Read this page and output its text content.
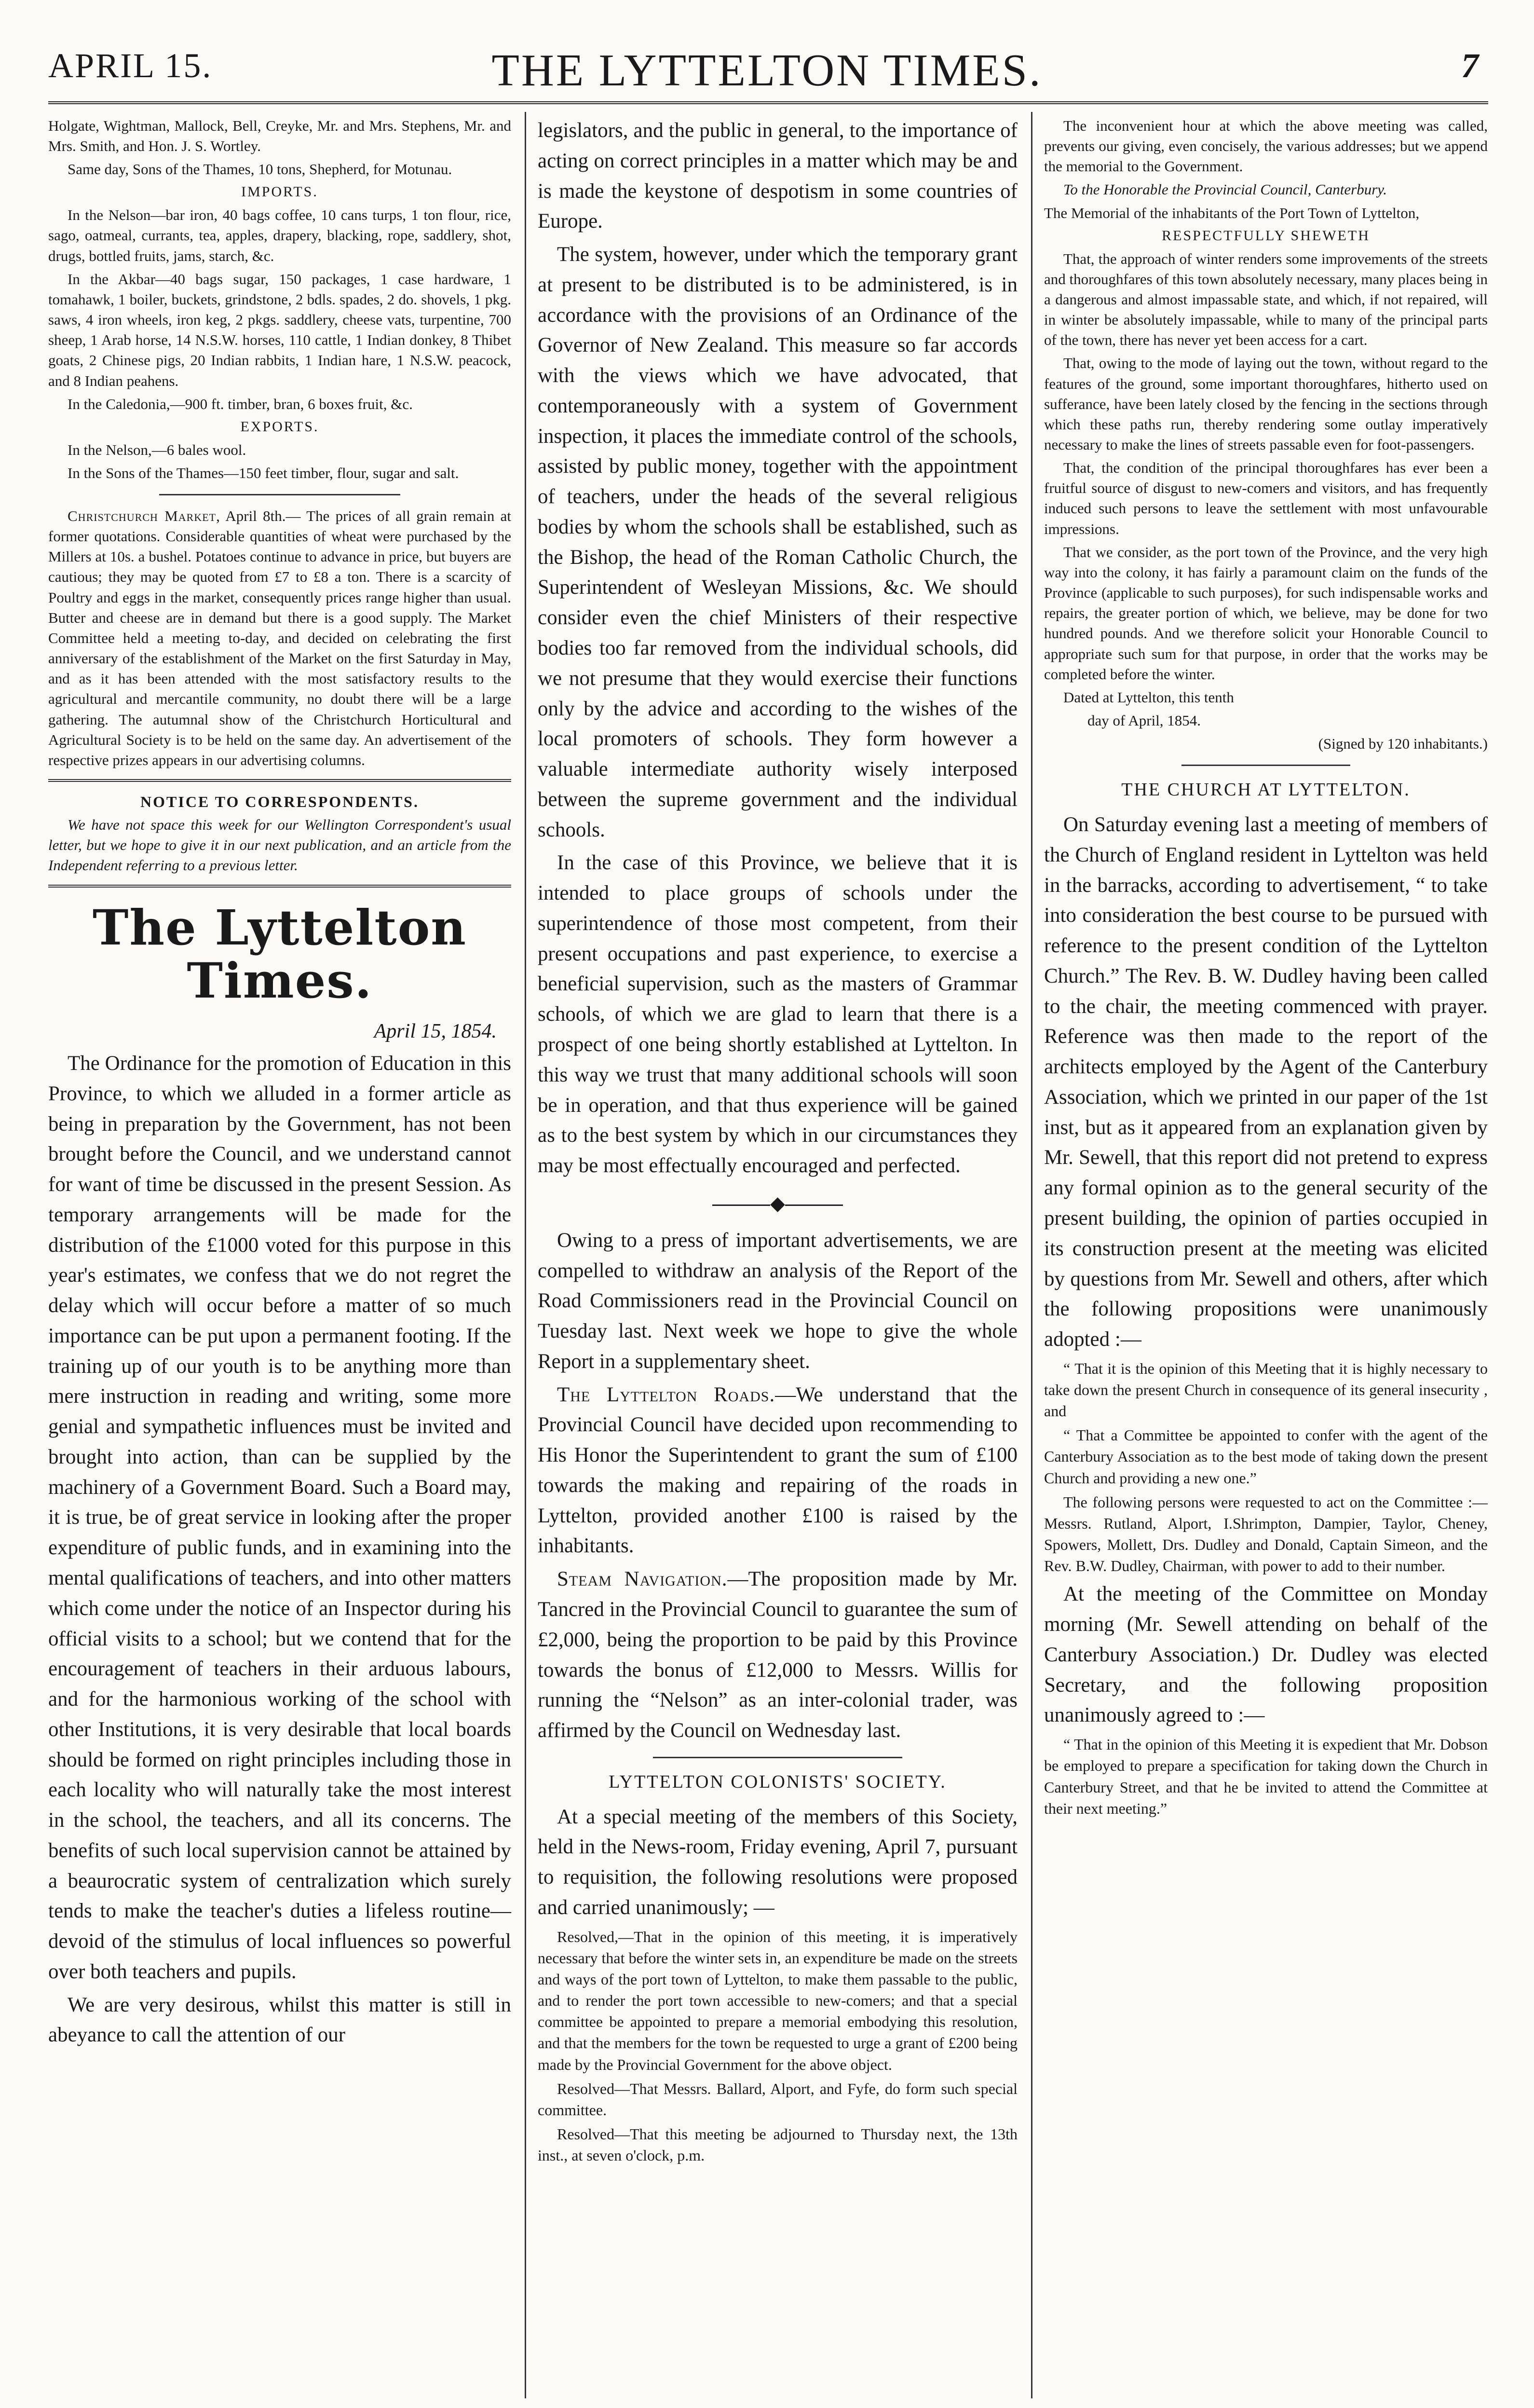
APRIL 15.	THE LYTTELTON TIMES.	7

Holgate, Wightman, Mallock, Bell, Creyke, Mr. and Mrs. Stephens, Mr. and Mrs. Smith, and Hon. J. S. Wortley.

Same day, Sons of the Thames, 10 tons, Shepherd, for Motunau.

IMPORTS.

In the Nelson—bar iron, 40 bags coffee, 10 cans turps, 1 ton flour, rice, sago, oatmeal, currants, tea, apples, drapery, blacking, rope, saddlery, shot, drugs, bottled fruits, jams, starch, &c.

In the Akbar—40 bags sugar, 150 packages, 1 case hardware, 1 tomahawk, 1 boiler, buckets, grindstone, 2 bdls. spades, 2 do. shovels, 1 pkg. saws, 4 iron wheels, iron keg, 2 pkgs. saddlery, cheese vats, turpentine, 700 sheep, 1 Arab horse, 14 N.S.W. horses, 110 cattle, 1 Indian donkey, 8 Thibet goats, 2 Chinese pigs, 20 Indian rabbits, 1 Indian hare, 1 N.S.W. peacock, and 8 Indian peahens.

In the Caledonia,—900 ft. timber, bran, 6 boxes fruit, &c.

EXPORTS.

In the Nelson,—6 bales wool.

In the Sons of the Thames—150 feet timber, flour, sugar and salt.

Christchurch Market, April 8th.— The prices of all grain remain at former quotations. Considerable quantities of wheat were purchased by the Millers at 10s. a bushel. Potatoes continue to advance in price, but buyers are cautious; they may be quoted from £7 to £8 a ton. There is a scarcity of Poultry and eggs in the market, consequently prices range higher than usual. Butter and cheese are in demand but there is a good supply. The Market Committee held a meeting to-day, and decided on celebrating the first anniversary of the establishment of the Market on the first Saturday in May, and as it has been attended with the most satisfactory results to the agricultural and mercantile community, no doubt there will be a large gathering. The autumnal show of the Christchurch Horticultural and Agricultural Society is to be held on the same day. An advertisement of the respective prizes appears in our advertising columns.

NOTICE TO CORRESPONDENTS.

We have not space this week for our Wellington Correspondent's usual letter, but we hope to give it in our next publication, and an article from the Independent referring to a previous letter.

The Lyttelton Times.
April 15, 1854.

The Ordinance for the promotion of Education in this Province, to which we alluded in a former article as being in preparation by the Government, has not been brought before the Council, and we understand cannot for want of time be discussed in the present Session. As temporary arrangements will be made for the distribution of the £1000 voted for this purpose in this year's estimates, we confess that we do not regret the delay which will occur before a matter of so much importance can be put upon a permanent footing. If the training up of our youth is to be anything more than mere instruction in reading and writing, some more genial and sympathetic influences must be invited and brought into action, than can be supplied by the machinery of a Government Board. Such a Board may, it is true, be of great service in looking after the proper expenditure of public funds, and in examining into the mental qualifications of teachers, and into other matters which come under the notice of an Inspector during his official visits to a school; but we contend that for the encouragement of teachers in their arduous labours, and for the harmonious working of the school with other Institutions, it is very desirable that local boards should be formed on right principles including those in each locality who will naturally take the most interest in the school, the teachers, and all its concerns. The benefits of such local supervision cannot be attained by a beaurocratic system of centralization which surely tends to make the teacher's duties a lifeless routine—devoid of the stimulus of local influences so powerful over both teachers and pupils.

We are very desirous, whilst this matter is still in abeyance to call the attention of our

legislators, and the public in general, to the importance of acting on correct principles in a matter which may be and is made the keystone of despotism in some countries of Europe.

The system, however, under which the temporary grant at present to be distributed is to be administered, is in accordance with the provisions of an Ordinance of the Governor of New Zealand. This measure so far accords with the views which we have advocated, that contemporaneously with a system of Government inspection, it places the immediate control of the schools, assisted by public money, together with the appointment of teachers, under the heads of the several religious bodies by whom the schools shall be established, such as the Bishop, the head of the Roman Catholic Church, the Superintendent of Wesleyan Missions, &c. We should consider even the chief Ministers of their respective bodies too far removed from the individual schools, did we not presume that they would exercise their functions only by the advice and according to the wishes of the local promoters of schools. They form however a valuable intermediate authority wisely interposed between the supreme government and the individual schools.

In the case of this Province, we believe that it is intended to place groups of schools under the superintendence of those most competent, from their present occupations and past experience, to exercise a beneficial supervision, such as the masters of Grammar schools, of which we are glad to learn that there is a prospect of one being shortly established at Lyttelton. In this way we trust that many additional schools will soon be in operation, and that thus experience will be gained as to the best system by which in our circumstances they may be most effectually encouraged and perfected.

◆

Owing to a press of important advertisements, we are compelled to withdraw an analysis of the Report of the Road Commissioners read in the Provincial Council on Tuesday last. Next week we hope to give the whole Report in a supplementary sheet.

The Lyttelton Roads.—We understand that the Provincial Council have decided upon recommending to His Honor the Superintendent to grant the sum of £100 towards the making and repairing of the roads in Lyttelton, provided another £100 is raised by the inhabitants.

Steam Navigation.—The proposition made by Mr. Tancred in the Provincial Council to guarantee the sum of £2,000, being the proportion to be paid by this Province towards the bonus of £12,000 to Messrs. Willis for running the “Nelson” as an inter-colonial trader, was affirmed by the Council on Wednesday last.

LYTTELTON COLONISTS' SOCIETY.

At a special meeting of the members of this Society, held in the News-room, Friday evening, April 7, pursuant to requisition, the following resolutions were proposed and carried unanimously; —

Resolved,—That in the opinion of this meeting, it is imperatively necessary that before the winter sets in, an expenditure be made on the streets and ways of the port town of Lyttelton, to make them passable to the public, and to render the port town accessible to new-comers; and that a special committee be appointed to prepare a memorial embodying this resolution, and that the members for the town be requested to urge a grant of £200 being made by the Provincial Government for the above object.

Resolved—That Messrs. Ballard, Alport, and Fyfe, do form such special committee.

Resolved—That this meeting be adjourned to Thursday next, the 13th inst., at seven o'clock, p.m.

The inconvenient hour at which the above meeting was called, prevents our giving, even concisely, the various addresses; but we append the memorial to the Government.

To the Honorable the Provincial Council, Canterbury.

The Memorial of the inhabitants of the Port Town of Lyttelton,

RESPECTFULLY SHEWETH

That, the approach of winter renders some improvements of the streets and thoroughfares of this town absolutely necessary, many places being in a dangerous and almost impassable state, and which, if not repaired, will in winter be absolutely impassable, while to many of the principal parts of the town, there has never yet been access for a cart.

That, owing to the mode of laying out the town, without regard to the features of the ground, some important thoroughfares, hitherto used on sufferance, have been lately closed by the fencing in the sections through which these paths run, thereby rendering some outlay imperatively necessary to make the lines of streets passable even for foot-passengers.

That, the condition of the principal thoroughfares has ever been a fruitful source of disgust to new-comers and visitors, and has frequently induced such persons to leave the settlement with most unfavourable impressions.

That we consider, as the port town of the Province, and the very high way into the colony, it has fairly a paramount claim on the funds of the Province (applicable to such purposes), for such indispensable works and repairs, the greater portion of which, we believe, may be done for two hundred pounds. And we therefore solicit your Honorable Council to appropriate such sum for that purpose, in order that the works may be completed before the winter.

Dated at Lyttelton, this tenth

day of April, 1854.

(Signed by 120 inhabitants.)

THE CHURCH AT LYTTELTON.

On Saturday evening last a meeting of members of the Church of England resident in Lyttelton was held in the barracks, according to advertisement, “ to take into consideration the best course to be pursued with reference to the present condition of the Lyttelton Church.” The Rev. B. W. Dudley having been called to the chair, the meeting commenced with prayer. Reference was then made to the report of the architects employed by the Agent of the Canterbury Association, which we printed in our paper of the 1st inst, but as it appeared from an explanation given by Mr. Sewell, that this report did not pretend to express any formal opinion as to the general security of the present building, the opinion of parties occupied in its construction present at the meeting was elicited by questions from Mr. Sewell and others, after which the following propositions were unanimously adopted :—

“ That it is the opinion of this Meeting that it is highly necessary to take down the present Church in consequence of its general insecurity , and

“ That a Committee be appointed to confer with the agent of the Canterbury Association as to the best mode of taking down the present Church and providing a new one.”

The following persons were requested to act on the Committee :—Messrs. Rutland, Alport, I.Shrimpton, Dampier, Taylor, Cheney, Spowers, Mollett, Drs. Dudley and Donald, Captain Simeon, and the Rev. B.W. Dudley, Chairman, with power to add to their number.

At the meeting of the Committee on Monday morning (Mr. Sewell attending on behalf of the Canterbury Association.) Dr. Dudley was elected Secretary, and the following proposition unanimously agreed to :—

“ That in the opinion of this Meeting it is expedient that Mr. Dobson be employed to prepare a specification for taking down the Church in Canterbury Street, and that he be invited to attend the Committee at their next meeting.”
